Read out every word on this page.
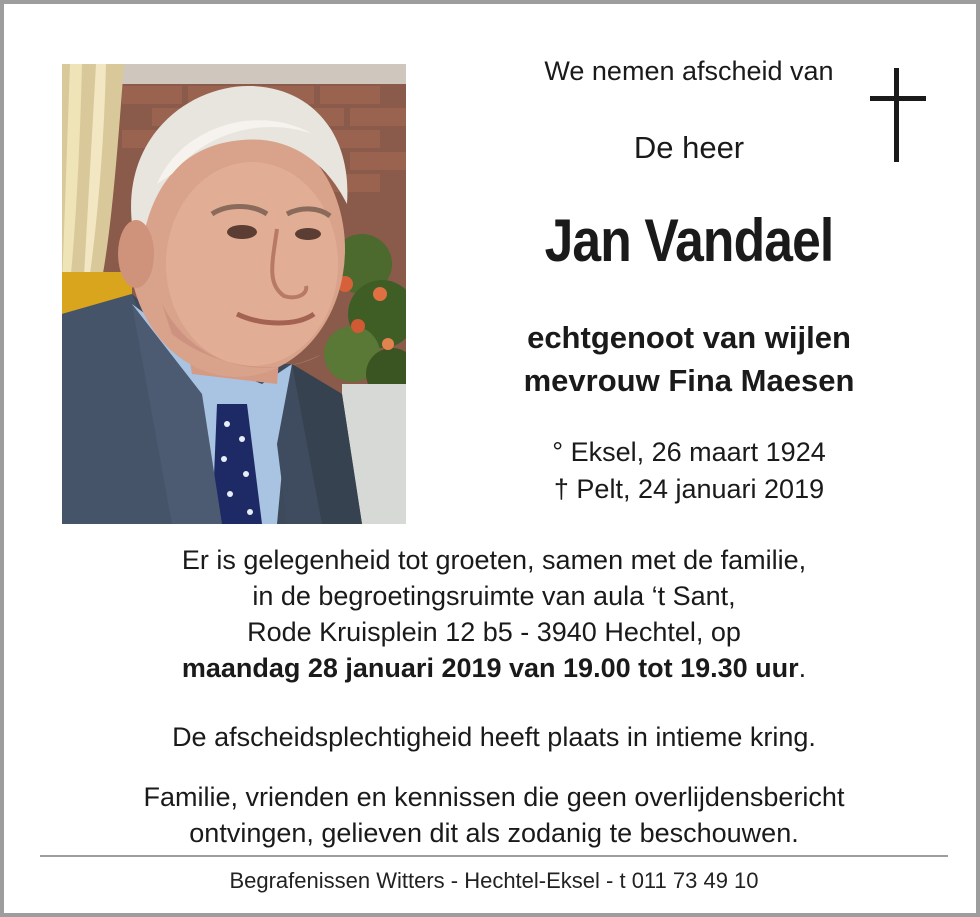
We nemen afscheid van
De heer
Jan Vandael
echtgenoot van wijlen
mevrouw Fina Maesen
° Eksel, 26 maart 1924
† Pelt, 24 januari 2019
Er is gelegenheid tot groeten, samen met de familie,
in de begroetingsruimte van aula ‘t Sant,
Rode Kruisplein 12 b5 - 3940 Hechtel, op
maandag 28 januari 2019 van 19.00 tot 19.30 uur.
De afscheidsplechtigheid heeft plaats in intieme kring.
Familie, vrienden en kennissen die geen overlijdensbericht
ontvingen, gelieven dit als zodanig te beschouwen.
Begrafenissen Witters - Hechtel-Eksel - t 011 73 49 10
